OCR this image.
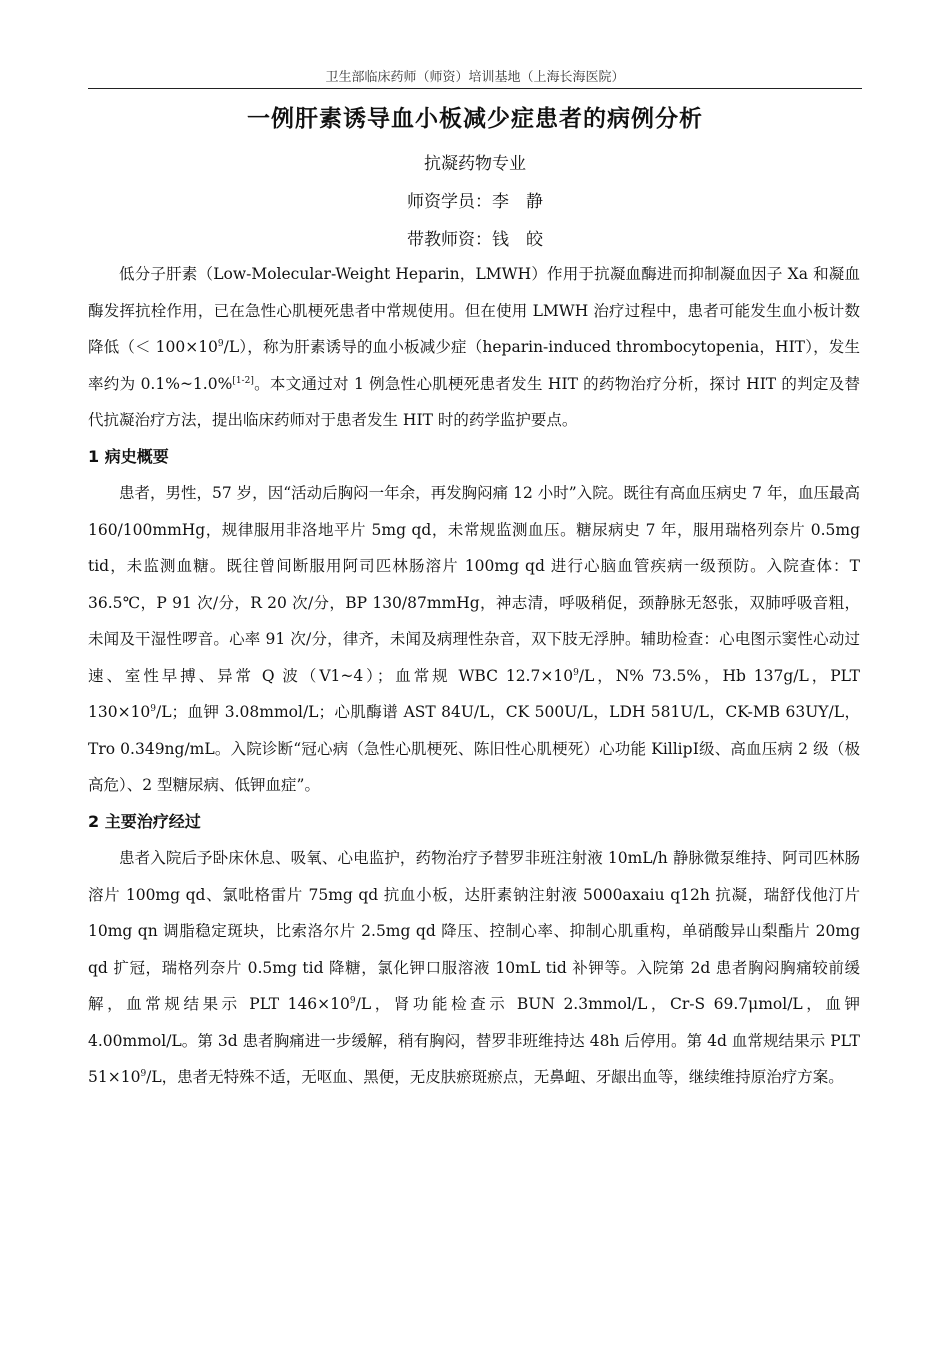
卫生部临床药师（师资）培训基地（上海长海医院）
一例肝素诱导血小板减少症患者的病例分析
抗凝药物专业
师资学员：李　静
带教师资：钱　皎

低分子肝素（Low-Molecular-Weight Heparin，LMWH）作用于抗凝血酶进而抑制凝血因子 Xa 和凝血酶发挥抗栓作用，已在急性心肌梗死患者中常规使用。但在使用 LMWH 治疗过程中，患者可能发生血小板计数降低（＜ $100\times 10^9/L$），称为肝素诱导的血小板减少症（heparin-induced thrombocytopenia，HIT），发生率约为 0.1%~1.0%[1-2]。本文通过对 1 例急性心肌梗死患者发生 HIT 的药物治疗分析，探讨 HIT 的判定及替代抗凝治疗方法，提出临床药师对于患者发生 HIT 时的药学监护要点。

1 病史概要

患者，男性，57 岁，因“活动后胸闷一年余，再发胸闷痛 12 小时”入院。既往有高血压病史 7 年，血压最高 160/100mmHg，规律服用非洛地平片 5mg qd，未常规监测血压。糖尿病史 7 年，服用瑞格列奈片 0.5mg tid，未监测血糖。既往曾间断服用阿司匹林肠溶片 100mg qd 进行心脑血管疾病一级预防。入院查体：T 36.5℃，P 91 次/分，R 20 次/分，BP 130/87mmHg，神志清，呼吸稍促，颈静脉无怒张，双肺呼吸音粗，未闻及干湿性啰音。心率 91 次/分，律齐，未闻及病理性杂音，双下肢无浮肿。辅助检查：心电图示窦性心动过速、室性早搏、异常 Q 波（V1~4）；血常规 WBC $12.7\times 10^9/L$，N% 73.5%，Hb 137g/L，PLT $130\times 10^9/L$；血钾 3.08mmol/L；心肌酶谱 AST 84U/L，CK 500U/L，LDH 581U/L，CK-MB 63UY/L，Tro 0.349ng/mL。入院诊断“冠心病（急性心肌梗死、陈旧性心肌梗死）心功能 KillipⅠ级、高血压病 2 级（极高危）、2 型糖尿病、低钾血症”。

2 主要治疗经过

患者入院后予卧床休息、吸氧、心电监护，药物治疗予替罗非班注射液 10mL/h 静脉微泵维持、阿司匹林肠溶片 100mg qd、氯吡格雷片 75mg qd 抗血小板，达肝素钠注射液 5000axaiu q12h 抗凝，瑞舒伐他汀片 10mg qn 调脂稳定斑块，比索洛尔片 2.5mg qd 降压、控制心率、抑制心肌重构，单硝酸异山梨酯片 20mg qd 扩冠，瑞格列奈片 0.5mg tid 降糖，氯化钾口服溶液 10mL tid 补钾等。入院第 2d 患者胸闷胸痛较前缓解，血常规结果示 PLT $146\times 10^9/L$，肾功能检查示 BUN 2.3mmol/L，Cr-S 69.7μmol/L，血钾 4.00mmol/L。第 3d 患者胸痛进一步缓解，稍有胸闷，替罗非班维持达 48h 后停用。第 4d 血常规结果示 PLT $51\times 10^9/L$，患者无特殊不适，无呕血、黑便，无皮肤瘀斑瘀点，无鼻衄、牙龈出血等，继续维持原治疗方案。
